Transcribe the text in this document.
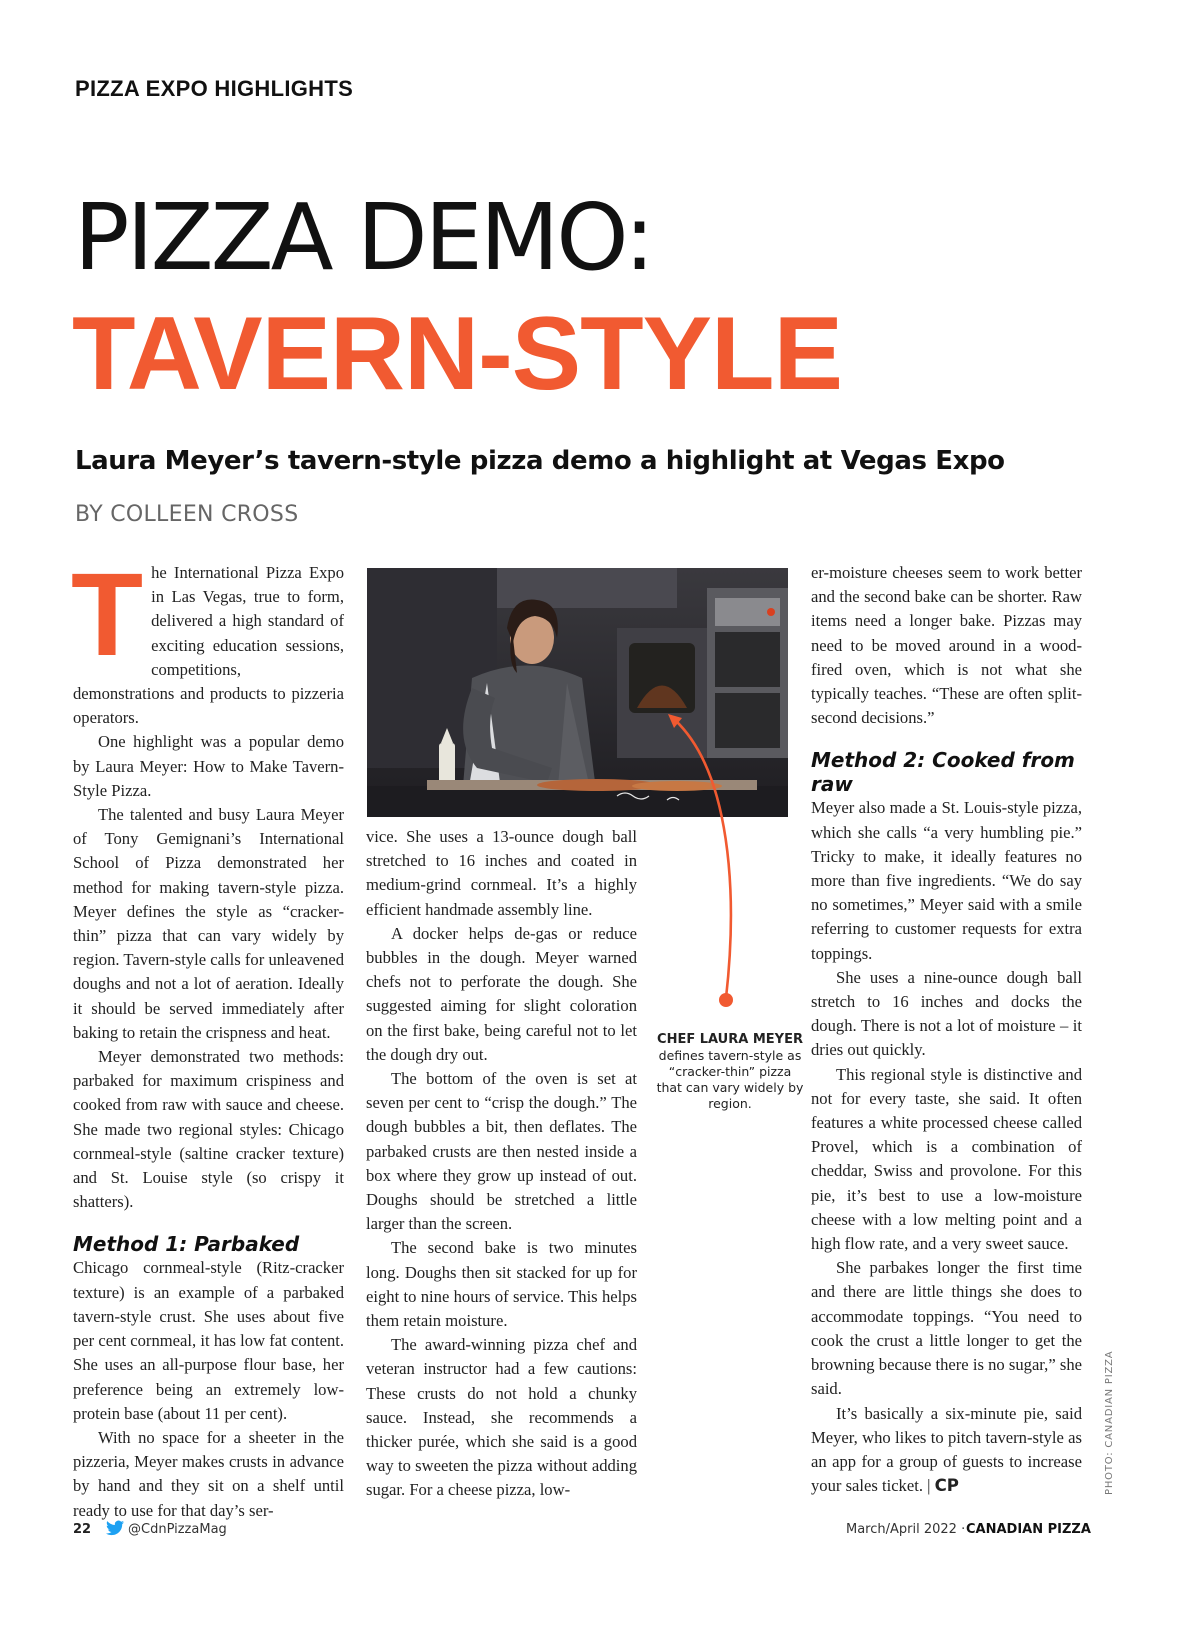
PIZZA EXPO HIGHLIGHTS
PIZZA DEMO:
TAVERN-STYLE
Laura Meyer’s tavern-style pizza demo a highlight at Vegas Expo
BY COLLEEN CROSS

The International Pizza Expo in Las Vegas, true to form, delivered a high standard of exciting education sessions, competitions, demonstrations and products to pizzeria operators.

One highlight was a popular demo by Laura Meyer: How to Make Tavern-Style Pizza.

The talented and busy Laura Meyer of Tony Gemignani’s International School of Pizza demonstrated her method for making tavern-style pizza. Meyer defines the style as “cracker-thin” pizza that can vary widely by region. Tavern-style calls for unleavened doughs and not a lot of aeration. Ideally it should be served immediately after baking to retain the crispness and heat.

Meyer demonstrated two methods: parbaked for maximum crispiness and cooked from raw with sauce and cheese. She made two regional styles: Chicago cornmeal-style (saltine cracker texture) and St. Louise style (so crispy it shatters).

Method 1: Parbaked

Chicago cornmeal-style (Ritz-cracker texture) is an example of a parbaked tavern-style crust. She uses about five per cent cornmeal, it has low fat content. She uses an all-purpose flour base, her preference being an extremely low-protein base (about 11 per cent).

With no space for a sheeter in the pizzeria, Meyer makes crusts in advance by hand and they sit on a shelf until ready to use for that day’s ser-

CHEF LAURA MEYER
defines tavern-style as “cracker-thin” pizza that can vary widely by region.

vice. She uses a 13-ounce dough ball stretched to 16 inches and coated in medium-grind cornmeal. It’s a highly efficient handmade assembly line.

A docker helps de-gas or reduce bubbles in the dough. Meyer warned chefs not to perforate the dough. She suggested aiming for slight coloration on the first bake, being careful not to let the dough dry out.

The bottom of the oven is set at seven per cent to “crisp the dough.” The dough bubbles a bit, then deflates. The parbaked crusts are then nested inside a box where they grow up instead of out. Doughs should be stretched a little larger than the screen.

The second bake is two minutes long. Doughs then sit stacked for up for eight to nine hours of service. This helps them retain moisture.

The award-winning pizza chef and veteran instructor had a few cautions: These crusts do not hold a chunky sauce. Instead, she recommends a thicker purée, which she said is a good way to sweeten the pizza without adding sugar. For a cheese pizza, low-

er-moisture cheeses seem to work better and the second bake can be shorter. Raw items need a longer bake. Pizzas may need to be moved around in a wood-fired oven, which is not what she typically teaches. “These are often split-second decisions.”

Method 2: Cooked from raw

Meyer also made a St. Louis-style pizza, which she calls “a very humbling pie.” Tricky to make, it ideally features no more than five ingredients. “We do say no sometimes,” Meyer said with a smile referring to customer requests for extra toppings.

She uses a nine-ounce dough ball stretch to 16 inches and docks the dough. There is not a lot of moisture – it dries out quickly.

This regional style is distinctive and not for every taste, she said. It often features a white processed cheese called Provel, which is a combination of cheddar, Swiss and provolone. For this pie, it’s best to use a low-moisture cheese with a low melting point and a high flow rate, and a very sweet sauce.

She parbakes longer the first time and there are little things she does to accommodate toppings. “You need to cook the crust a little longer to get the browning because there is no sugar,” she said.

It’s basically a six-minute pie, said Meyer, who likes to pitch tavern-style as an app for a group of guests to increase your sales ticket. | CP	PHOTO: CANADIAN PIZZA
22	@CdnPizzaMag	March/April 2022 · CANADIAN PIZZA
